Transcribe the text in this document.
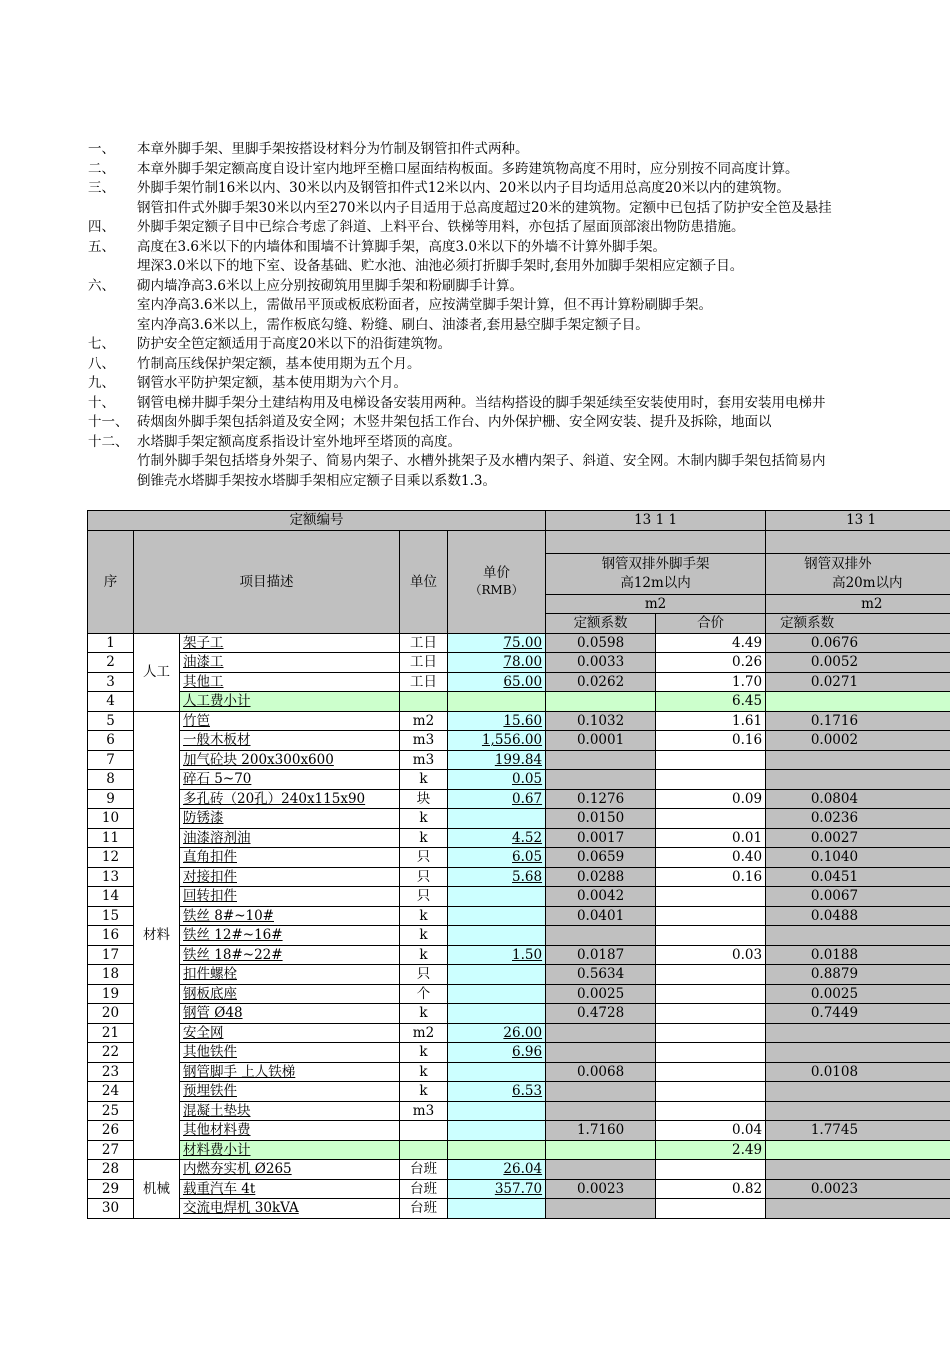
一、 本章外脚手架、里脚手架按搭设材料分为竹制及钢管扣件式两种。
二、 本章外脚手架定额高度自设计室内地坪至檐口屋面结构板面。多跨建筑物高度不用时，应分别按不同高度计算。
三、 外脚手架竹制16米以内、30米以内及钢管扣件式12米以内、20米以内子目均适用总高度20米以内的建筑物。
钢管扣件式外脚手架30米以内至270米以内子目适用于总高度超过20米的建筑物。定额中已包括了防护安全笆及悬挂
四、 外脚手架定额子目中已综合考虑了斜道、上料平台、铁梯等用料，亦包括了屋面顶部滚出物防患措施。
五、 高度在3.6米以下的内墙体和围墙不计算脚手架，高度3.0米以下的外墙不计算外脚手架。
埋深3.0米以下的地下室、设备基础、贮水池、油池必须打折脚手架时,套用外加脚手架相应定额子目。
六、 砌内墙净高3.6米以上应分别按砌筑用里脚手架和粉刷脚手计算。
室内净高3.6米以上，需做吊平顶或板底粉面者，应按满堂脚手架计算，但不再计算粉刷脚手架。
室内净高3.6米以上，需作板底勾缝、粉缝、刷白、油漆者,套用悬空脚手架定额子目。
七、 防护安全笆定额适用于高度20米以下的沿街建筑物。
八、 竹制高压线保护架定额，基本使用期为五个月。
九、 钢管水平防护架定额，基本使用期为六个月。
十、 钢管电梯井脚手架分土建结构用及电梯设备安装用两种。当结构搭设的脚手架延续至安装使用时，套用安装用电梯井
十一、 砖烟囱外脚手架包括斜道及安全网；木竖井架包括工作台、内外保护栅、安全网安装、提升及拆除，地面以
十二、 水塔脚手架定额高度系指设计室外地坪至塔顶的高度。
竹制外脚手架包括塔身外架子、简易内架子、水槽外挑架子及水槽内架子、斜道、安全网。木制内脚手架包括简易内
倒锥壳水塔脚手架按水塔脚手架相应定额子目乘以系数1.3。
定额编号					13 1 1		13 1
序	项目描述		单位	单价
（RMB）			
					钢管双排外脚手架
高12m以内		钢管双排外
高20m以内
					m2		m2
					定额系数	合价	定额系数
1	人工	架子工	工日	75.00	0.0598	4.49	0.0676
2		油漆工	工日	78.00	0.0033	0.26	0.0052
3		其他工	工日	65.00	0.0262	1.70	0.0271
4		人工费小计				6.45	
5	材料	竹笆	m2	15.60	0.1032	1.61	0.1716
6		一般木板材	m3	1,556.00	0.0001	0.16	0.0002
7		加气砼块 200x300x600	m3	199.84			
8		碎石 5~70	k	0.05			
9		多孔砖（20孔）240x115x90	块	0.67	0.1276	0.09	0.0804
10		防锈漆	k		0.0150		0.0236
11		油漆溶剂油	k	4.52	0.0017	0.01	0.0027
12		直角扣件	只	6.05	0.0659	0.40	0.1040
13		对接扣件	只	5.68	0.0288	0.16	0.0451
14		回转扣件	只		0.0042		0.0067
15		铁丝 8#~10#	k		0.0401		0.0488
16		铁丝 12#~16#	k				
17		铁丝 18#~22#	k	1.50	0.0187	0.03	0.0188
18		扣件螺栓	只		0.5634		0.8879
19		钢板底座	个		0.0025		0.0025
20		钢管 Ø48	k		0.4728		0.7449
21		安全网	m2	26.00			
22		其他铁件	k	6.96			
23		钢管脚手 上人铁梯	k		0.0068		0.0108
24		预埋铁件	k	6.53			
25		混凝土垫块	m3				
26		其他材料费			1.7160	0.04	1.7745
27		材料费小计				2.49	
28	机械	内燃夯实机 Ø265	台班	26.04			
29		载重汽车 4t	台班	357.70	0.0023	0.82	0.0023
30		交流电焊机 30kVA	台班				
